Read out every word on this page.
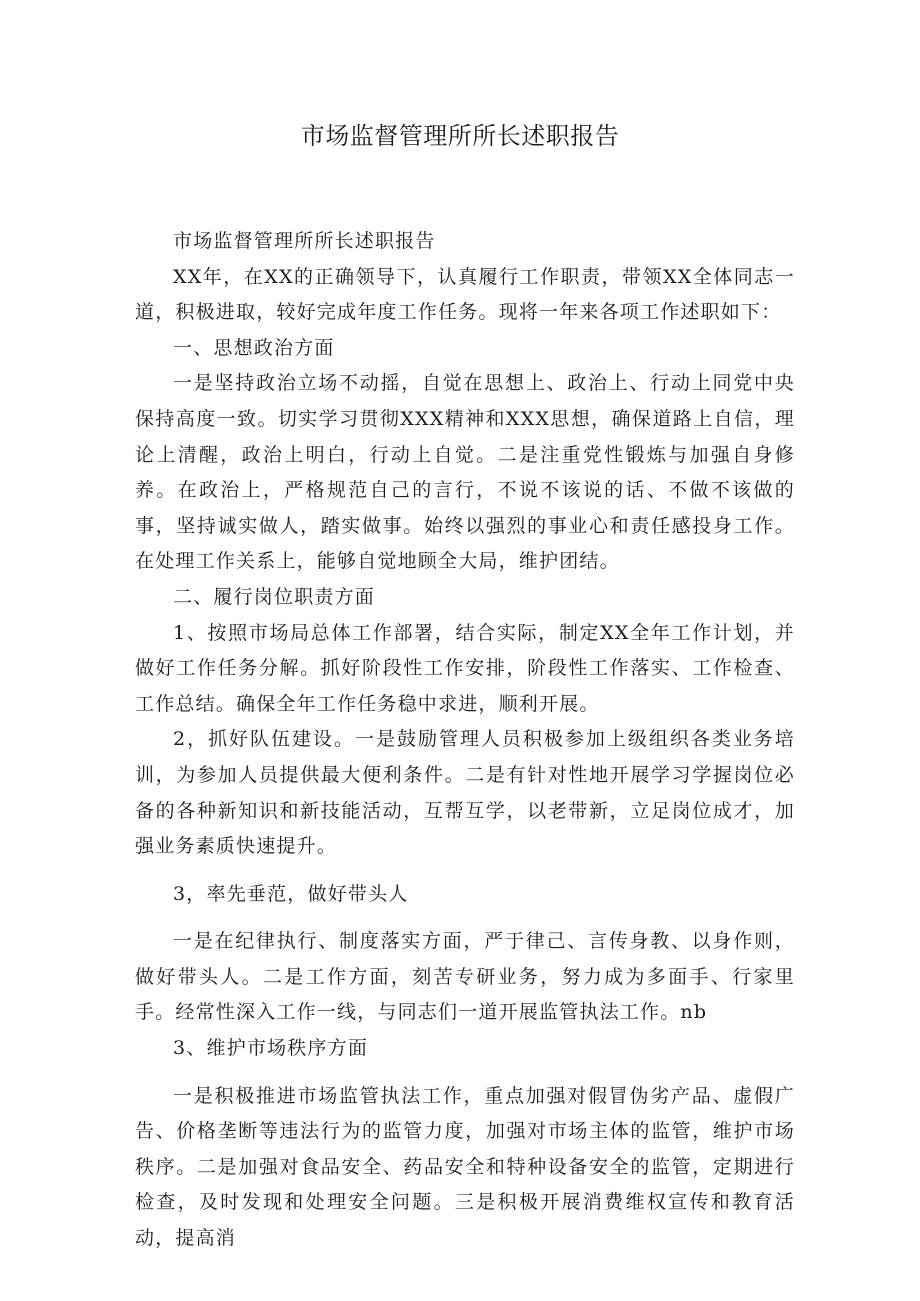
市场监督管理所所长述职报告

市场监督管理所所长述职报告

XX年，在XX的正确领导下，认真履行工作职责，带领XX全体同志一道，积极进取，较好完成年度工作任务。现将一年来各项工作述职如下：

一、思想政治方面

一是坚持政治立场不动摇，自觉在思想上、政治上、行动上同党中央保持高度一致。切实学习贯彻XXX精神和XXX思想，确保道路上自信，理论上清醒，政治上明白，行动上自觉。二是注重党性锻炼与加强自身修养。在政治上，严格规范自己的言行，不说不该说的话、不做不该做的事，坚持诚实做人，踏实做事。始终以强烈的事业心和责任感投身工作。在处理工作关系上，能够自觉地顾全大局，维护团结。

二、履行岗位职责方面

1、按照市场局总体工作部署，结合实际，制定XX全年工作计划，并做好工作任务分解。抓好阶段性工作安排，阶段性工作落实、工作检查、工作总结。确保全年工作任务稳中求进，顺利开展。

2，抓好队伍建设。一是鼓励管理人员积极参加上级组织各类业务培训，为参加人员提供最大便利条件。二是有针对性地开展学习学握岗位必备的各种新知识和新技能活动，互帮互学，以老带新，立足岗位成才，加强业务素质快速提升。

3，率先垂范，做好带头人

一是在纪律执行、制度落实方面，严于律己、言传身教、以身作则，做好带头人。二是工作方面，刻苦专研业务，努力成为多面手、行家里手。经常性深入工作一线，与同志们一道开展监管执法工作。nb

3、维护市场秩序方面

一是积极推进市场监管执法工作，重点加强对假冒伪劣产品、虚假广告、价格垄断等违法行为的监管力度，加强对市场主体的监管，维护市场秩序。二是加强对食品安全、药品安全和特种设备安全的监管，定期进行检查，及时发现和处理安全问题。三是积极开展消费维权宣传和教育活动，提高消
